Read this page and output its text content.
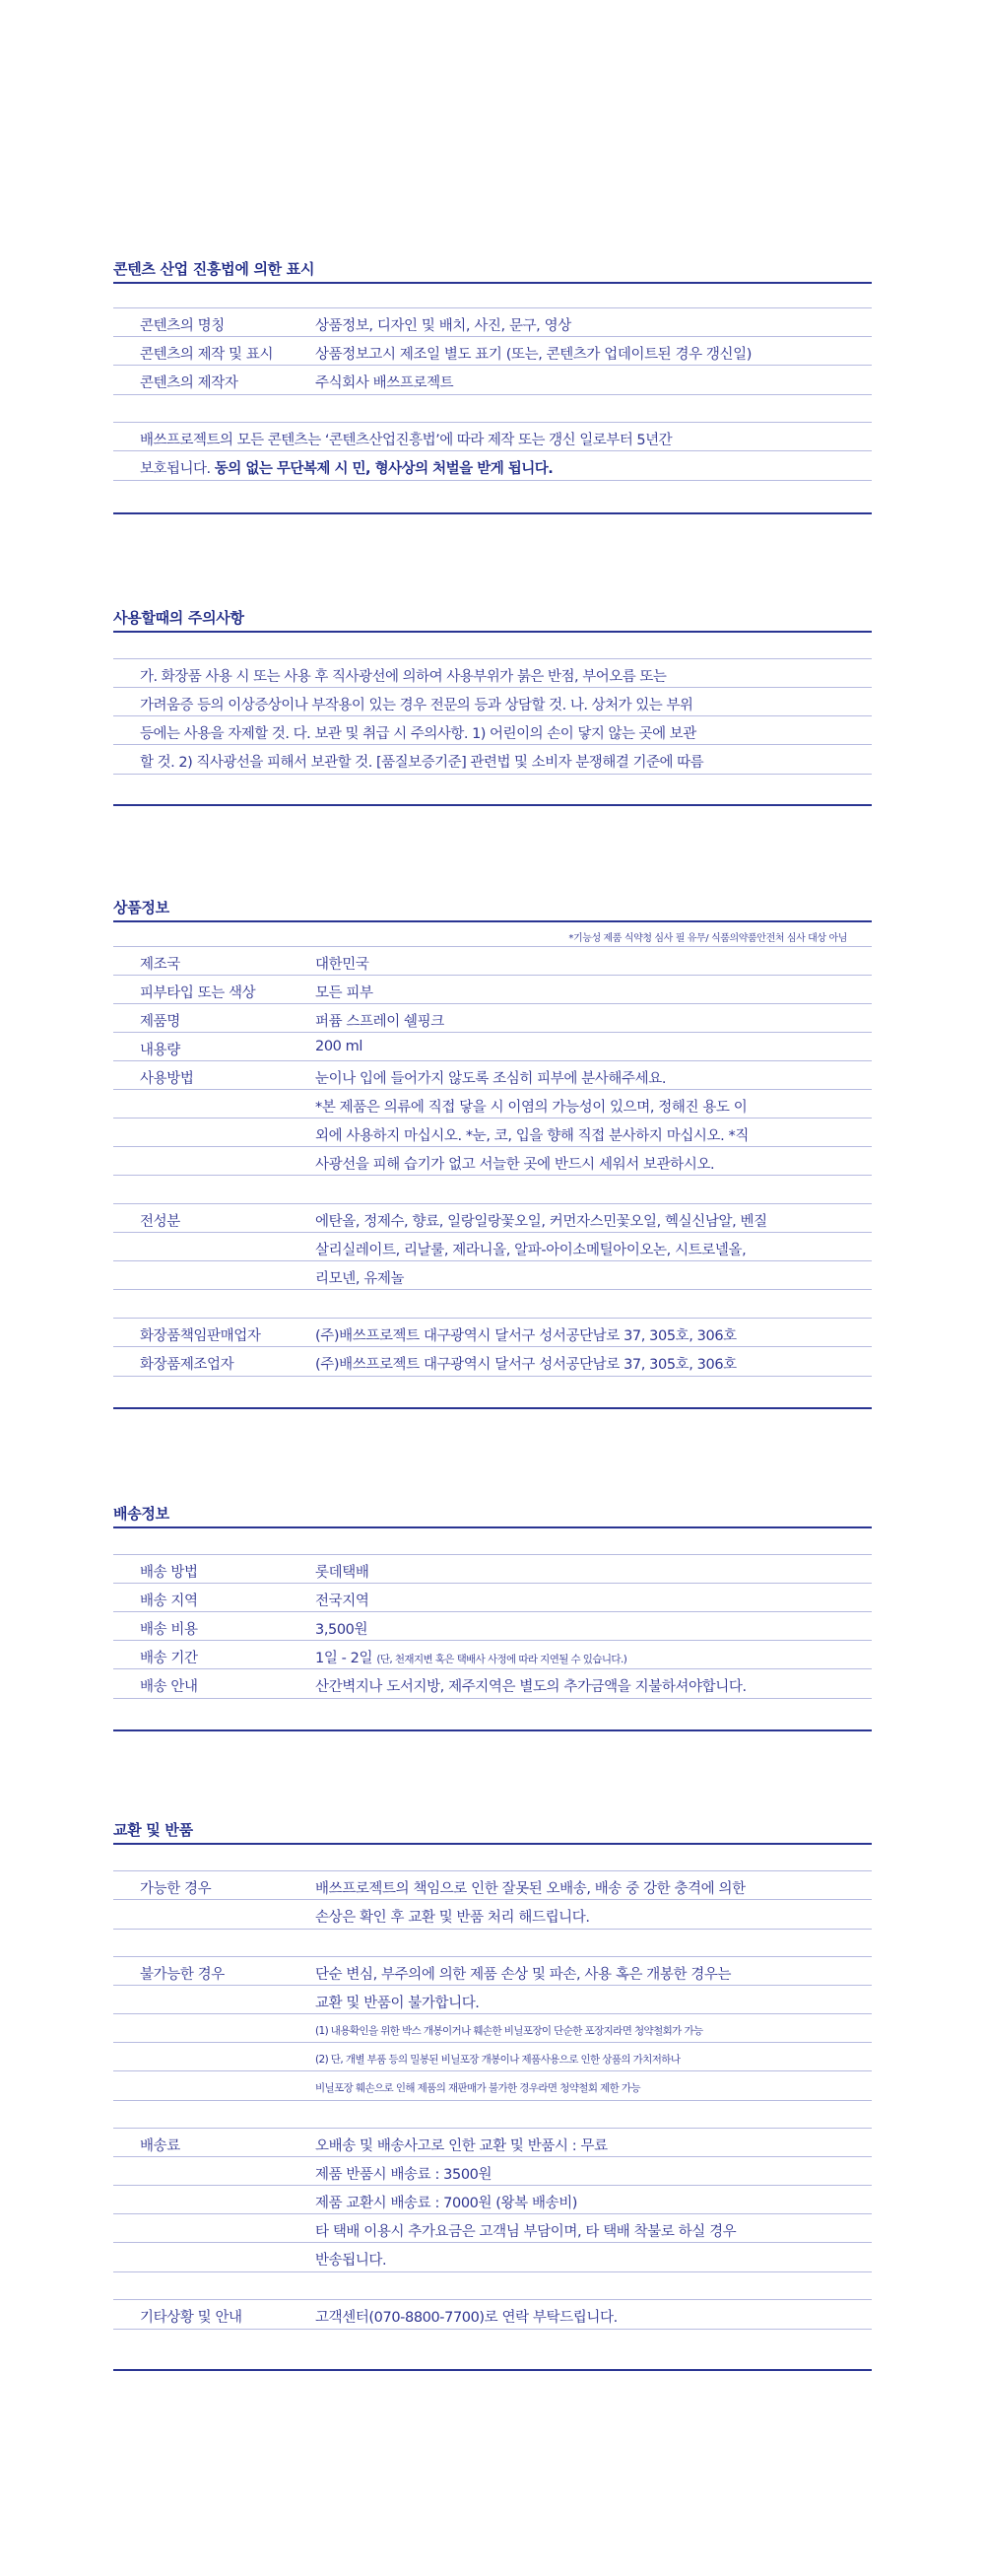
콘텐츠 산업 진흥법에 의한 표시
콘텐츠의 명칭	상품정보, 디자인 및 배치, 사진, 문구, 영상
콘텐츠의 제작 및 표시	상품정보고시 제조일 별도 표기 (또는, 콘텐츠가 업데이트된 경우 갱신일)
콘텐츠의 제작자	주식회사 배쓰프로젝트
배쓰프로젝트의 모든 콘텐츠는 ‘콘텐츠산업진흥법’에 따라 제작 또는 갱신 일로부터 5년간
보호됩니다. 동의 없는 무단복제 시 민, 형사상의 처벌을 받게 됩니다.
사용할때의 주의사항
가. 화장품 사용 시 또는 사용 후 직사광선에 의하여 사용부위가 붉은 반점, 부어오름 또는
가려움증 등의 이상증상이나 부작용이 있는 경우 전문의 등과 상담할 것. 나. 상처가 있는 부위
등에는 사용을 자제할 것. 다. 보관 및 취급 시 주의사항. 1) 어린이의 손이 닿지 않는 곳에 보관
할 것. 2) 직사광선을 피해서 보관할 것. [품질보증기준] 관련법 및 소비자 분쟁해결 기준에 따름
상품정보
*기능성 제품 식약청 심사 필 유무/ 식품의약품안전처 심사 대상 아님
제조국	대한민국
피부타입 또는 색상	모든 피부
제품명	퍼퓸 스프레이 쉘핑크
내용량	200 ml
사용방법	눈이나 입에 들어가지 않도록 조심히 피부에 분사해주세요.
*본 제품은 의류에 직접 닿을 시 이염의 가능성이 있으며, 정해진 용도 이
외에 사용하지 마십시오. *눈, 코, 입을 향해 직접 분사하지 마십시오. *직
사광선을 피해 습기가 없고 서늘한 곳에 반드시 세워서 보관하시오.
전성분	에탄올, 정제수, 향료, 일랑일랑꽃오일, 커먼자스민꽃오일, 헥실신남알, 벤질
살리실레이트, 리날룰, 제라니올, 알파-아이소메틸아이오논, 시트로넬올,
리모넨, 유제놀
화장품책임판매업자	(주)배쓰프로젝트 대구광역시 달서구 성서공단남로 37, 305호, 306호
화장품제조업자	(주)배쓰프로젝트 대구광역시 달서구 성서공단남로 37, 305호, 306호
배송정보
배송 방법	롯데택배
배송 지역	전국지역
배송 비용	3,500원
배송 기간	1일 - 2일 (단, 천재지변 혹은 택배사 사정에 따라 지연될 수 있습니다.)
배송 안내	산간벽지나 도서지방, 제주지역은 별도의 추가금액을 지불하셔야합니다.
교환 및 반품
가능한 경우	배쓰프로젝트의 책임으로 인한 잘못된 오배송, 배송 중 강한 충격에 의한
손상은 확인 후 교환 및 반품 처리 해드립니다.
불가능한 경우	단순 변심, 부주의에 의한 제품 손상 및 파손, 사용 혹은 개봉한 경우는
교환 및 반품이 불가합니다.
(1) 내용확인을 위한 박스 개봉이거나 훼손한 비닐포장이 단순한 포장지라면 청약철회가 가능
(2) 단, 개별 부품 등의 밀봉된 비닐포장 개봉이나 제품사용으로 인한 상품의 가치저하나
비닐포장 훼손으로 인해 제품의 재판매가 불가한 경우라면 청약철회 제한 가능
배송료	오배송 및 배송사고로 인한 교환 및 반품시 : 무료
제품 반품시 배송료 : 3500원
제품 교환시 배송료 : 7000원 (왕복 배송비)
타 택배 이용시 추가요금은 고객님 부담이며, 타 택배 착불로 하실 경우
반송됩니다.
기타상황 및 안내	고객센터(070-8800-7700)로 연락 부탁드립니다.
